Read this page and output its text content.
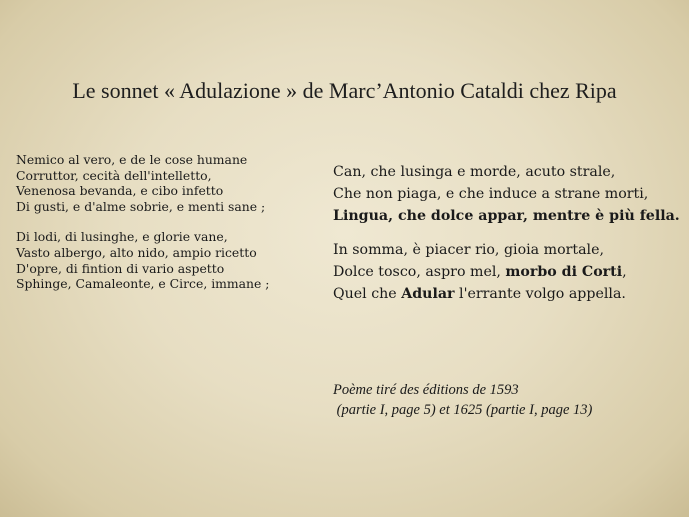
Le sonnet « Adulazione » de Marc’Antonio Cataldi chez Ripa
Nemico al vero, e de le cose humane
Corruttor, cecità dell'intelletto,
Venenosa bevanda, e cibo infetto
Di gusti, e d'alme sobrie, e menti sane ;
Di lodi, di lusinghe, e glorie vane,
Vasto albergo, alto nido, ampio ricetto
D'opre, di fintion di vario aspetto
Sphinge, Camaleonte, e Circe, immane ;
Can, che lusinga e morde, acuto strale,
Che non piaga, e che induce a strane morti,
Lingua, che dolce appar, mentre è più fella.
In somma, è piacer rio, gioia mortale,
Dolce tosco, aspro mel, morbo di Corti,
Quel che Adular l'errante volgo appella.
Poème tiré des éditions de 1593
(partie I, page 5) et 1625 (partie I, page 13)
